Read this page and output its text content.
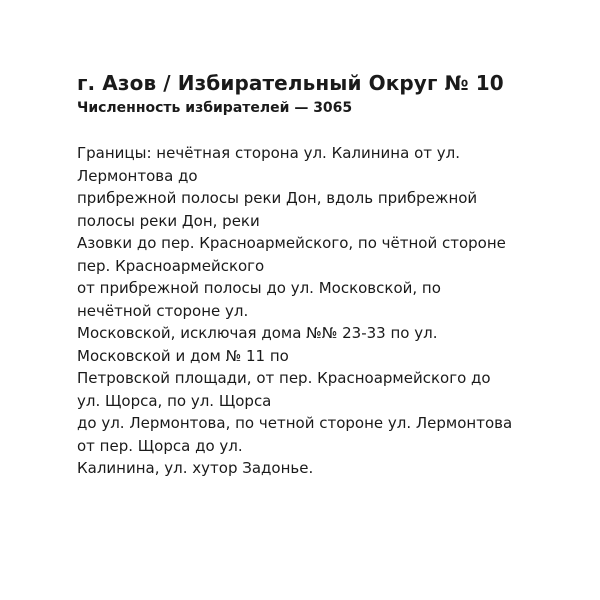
г. Азов / Избирательный Округ № 10
Численность избирателей — 3065
Границы: нечётная сторона ул. Калинина от ул.
Лермонтова до
прибрежной полосы реки Дон, вдоль прибрежной
полосы реки Дон, реки
Азовки до пер. Красноармейского, по чётной стороне
пер. Красноармейского
от прибрежной полосы до ул. Московской, по
нечётной стороне ул.
Московской, исключая дома №№ 23-33 по ул.
Московской и дом № 11 по
Петровской площади, от пер. Красноармейского до
ул. Щорса, по ул. Щорса
до ул. Лермонтова, по четной стороне ул. Лермонтова
от пер. Щорса до ул.
Калинина, ул. хутор Задонье.
